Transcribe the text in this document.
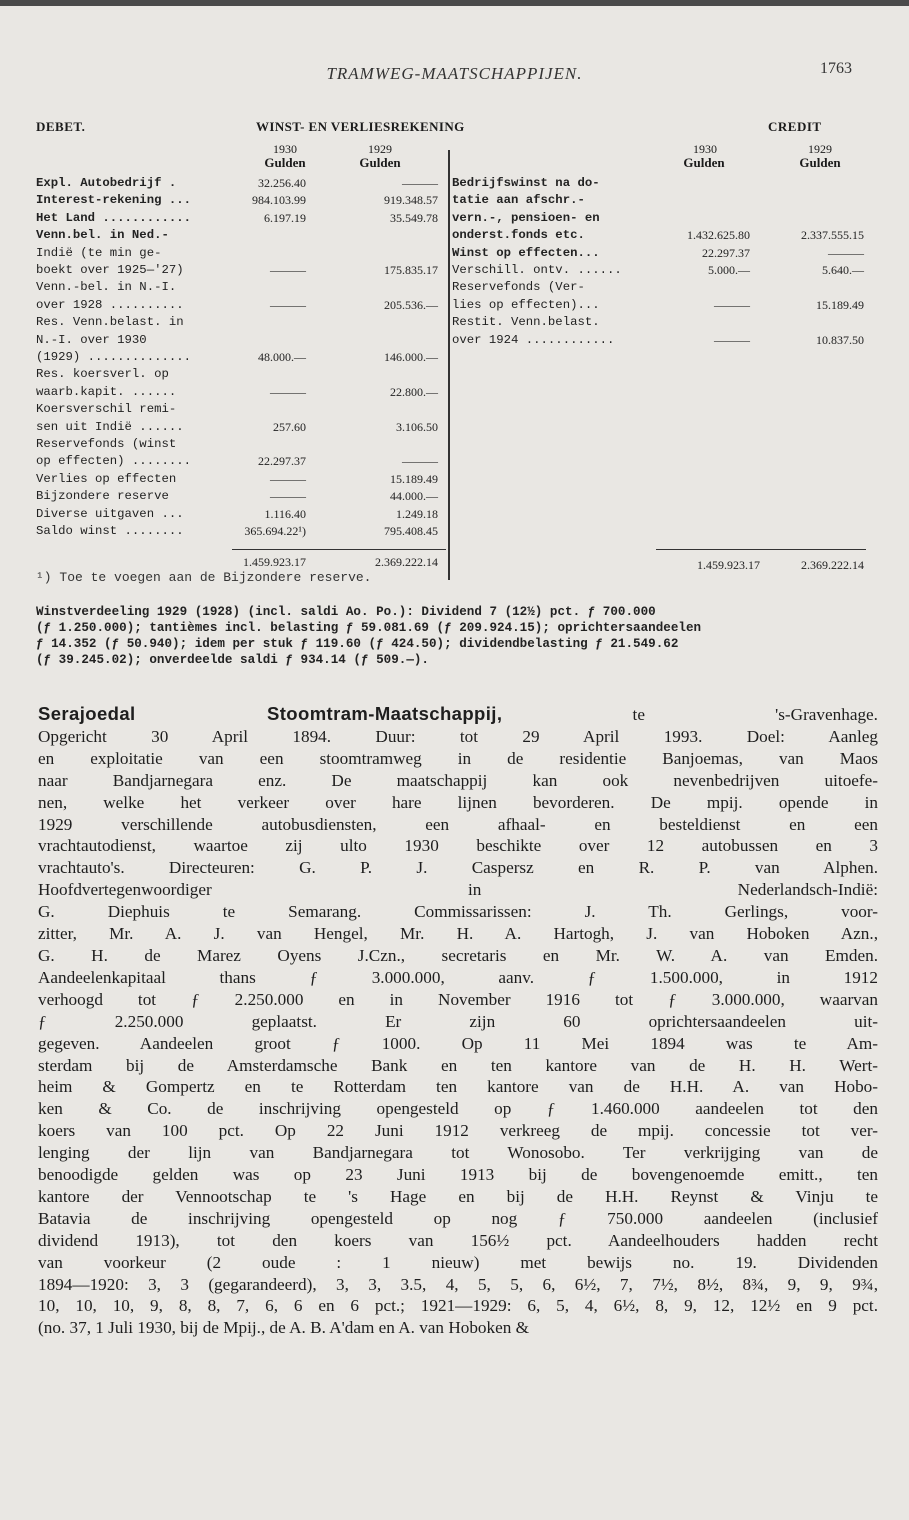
TRAMWEG-MAATSCHAPPIJEN.	1763
DEBET.	WINST- EN VERLIESREKENING	CREDIT
1930	1929
Gulden	Gulden
1930	1929
Gulden	Gulden
Expl. Autobedrijf .	32.256.40	———
Interest-rekening ...	984.103.99	919.348.57
Het Land ............	6.197.19	35.549.78
Venn.bel. in Ned.-
Indië (te min ge-
boekt over 1925—'27)	———	175.835.17
Venn.-bel. in N.-I.
over 1928 ..........	———	205.536.—
Res. Venn.belast. in
N.-I. over 1930
(1929) ..............	48.000.—	146.000.—
Res. koersverl. op
waarb.kapit. ......	———	22.800.—
Koersverschil remi-
sen uit Indië ......	257.60	3.106.50
Reservefonds (winst
op effecten) ........	22.297.37	———
Verlies op effecten	———	15.189.49
Bijzondere reserve	———	44.000.—
Diverse uitgaven ...	1.116.40	1.249.18
Saldo winst ........	365.694.22¹)	795.408.45
Bedrijfswinst na do-
tatie aan afschr.-
vern.-, pensioen- en
onderst.fonds etc.	1.432.625.80	2.337.555.15
Winst op effecten...	22.297.37	———
Verschill. ontv. ......	5.000.—	5.640.—
Reservefonds (Ver-
lies op effecten)...	———	15.189.49
Restit. Venn.belast.
over 1924 ............	———	10.837.50
1.459.923.17	2.369.222.14	1.459.923.17	2.369.222.14
¹) Toe te voegen aan de Bijzondere reserve.

Winstverdeeling 1929 (1928) (incl. saldi Ao. Po.): Dividend 7 (12½) pct. ƒ 700.000

(ƒ 1.250.000); tantièmes incl. belasting ƒ 59.081.69 (ƒ 209.924.15); oprichtersaandeelen

ƒ 14.352 (ƒ 50.940); idem per stuk ƒ 119.60 (ƒ 424.50); dividendbelasting ƒ 21.549.62

(ƒ 39.245.02); onverdeelde saldi ƒ 934.14 (ƒ 509.—).

Serajoedal Stoomtram-Maatschappij, te 's-Gravenhage.

Opgericht 30 April 1894. Duur: tot 29 April 1993. Doel: Aanleg

en exploitatie van een stoomtramweg in de residentie Banjoemas, van Maos

naar Bandjarnegara enz. De maatschappij kan ook nevenbedrijven uitoefe-

nen, welke het verkeer over hare lijnen bevorderen. De mpij. opende in

1929 verschillende autobusdiensten, een afhaal- en besteldienst en een

vrachtautodienst, waartoe zij ulto 1930 beschikte over 12 autobussen en 3

vrachtauto's. Directeuren: G. P. J. Caspersz en R. P. van Alphen.

Hoofdvertegenwoordiger in Nederlandsch-Indië:

G. Diephuis te Semarang. Commissarissen: J. Th. Gerlings, voor-

zitter, Mr. A. J. van Hengel, Mr. H. A. Hartogh, J. van Hoboken Azn.,

G. H. de Marez Oyens J.Czn., secretaris en Mr. W. A. van Emden.

Aandeelenkapitaal thans ƒ 3.000.000, aanv. ƒ 1.500.000, in 1912

verhoogd tot ƒ 2.250.000 en in November 1916 tot ƒ 3.000.000, waarvan

ƒ 2.250.000 geplaatst. Er zijn 60 oprichtersaandeelen uit-

gegeven. Aandeelen groot ƒ 1000. Op 11 Mei 1894 was te Am-

sterdam bij de Amsterdamsche Bank en ten kantore van de H. H. Wert-

heim & Gompertz en te Rotterdam ten kantore van de H.H. A. van Hobo-

ken & Co. de inschrijving opengesteld op ƒ 1.460.000 aandeelen tot den

koers van 100 pct. Op 22 Juni 1912 verkreeg de mpij. concessie tot ver-

lenging der lijn van Bandjarnegara tot Wonosobo. Ter verkrijging van de

benoodigde gelden was op 23 Juni 1913 bij de bovengenoemde emitt., ten

kantore der Vennootschap te 's Hage en bij de H.H. Reynst & Vinju te

Batavia de inschrijving opengesteld op nog ƒ 750.000 aandeelen (inclusief

dividend 1913), tot den koers van 156½ pct. Aandeelhouders hadden recht

van voorkeur (2 oude : 1 nieuw) met bewijs no. 19. Dividenden

1894—1920: 3, 3 (gegarandeerd), 3, 3, 3.5, 4, 5, 5, 6, 6½, 7, 7½, 8½, 8¾, 9, 9, 9¾,

10, 10, 10, 9, 8, 8, 7, 6, 6 en 6 pct.; 1921—1929: 6, 5, 4, 6½, 8, 9, 12, 12½ en 9 pct.

(no. 37, 1 Juli 1930, bij de Mpij., de A. B. A'dam en A. van Hoboken &
